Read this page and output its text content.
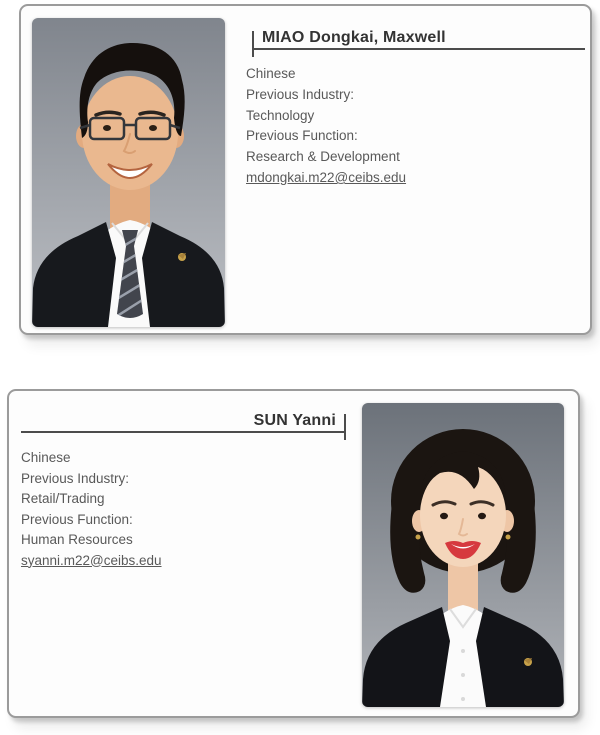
MIAO Dongkai, Maxwell

Chinese

Previous Industry:

Technology

Previous Function:

Research & Development

mdongkai.m22@ceibs.edu

SUN Yanni

Chinese

Previous Industry:

Retail/Trading

Previous Function:

Human Resources

syanni.m22@ceibs.edu
